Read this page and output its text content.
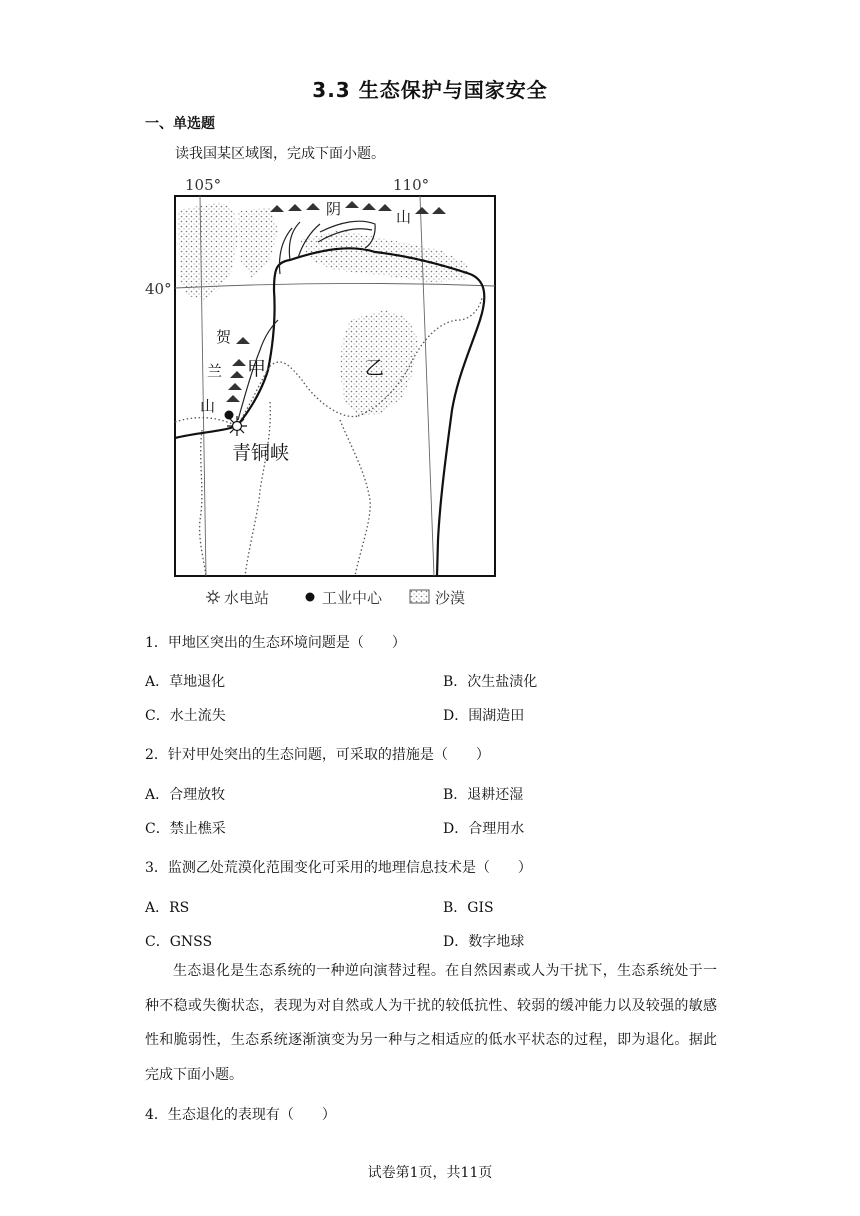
3.3 生态保护与国家安全
一、单选题
读我国某区域图，完成下面小题。
105°	110°
40°
阴	山
贺
兰
山
甲	乙
青铜峡
水电站	工业中心	沙漠
1．甲地区突出的生态环境问题是（　　）
A．草地退化	B．次生盐渍化
C．水土流失	D．围湖造田
2．针对甲处突出的生态问题，可采取的措施是（　　）
A．合理放牧	B．退耕还湿
C．禁止樵采	D．合理用水
3．监测乙处荒漠化范围变化可采用的地理信息技术是（　　）
A．RS	B．GIS
C．GNSS	D．数字地球
生态退化是生态系统的一种逆向演替过程。在自然因素或人为干扰下，生态系统处于一种不稳或失衡状态，表现为对自然或人为干扰的较低抗性、较弱的缓冲能力以及较强的敏感性和脆弱性，生态系统逐渐演变为另一种与之相适应的低水平状态的过程，即为退化。据此完成下面小题。
4．生态退化的表现有（　　）
试卷第1页，共11页
